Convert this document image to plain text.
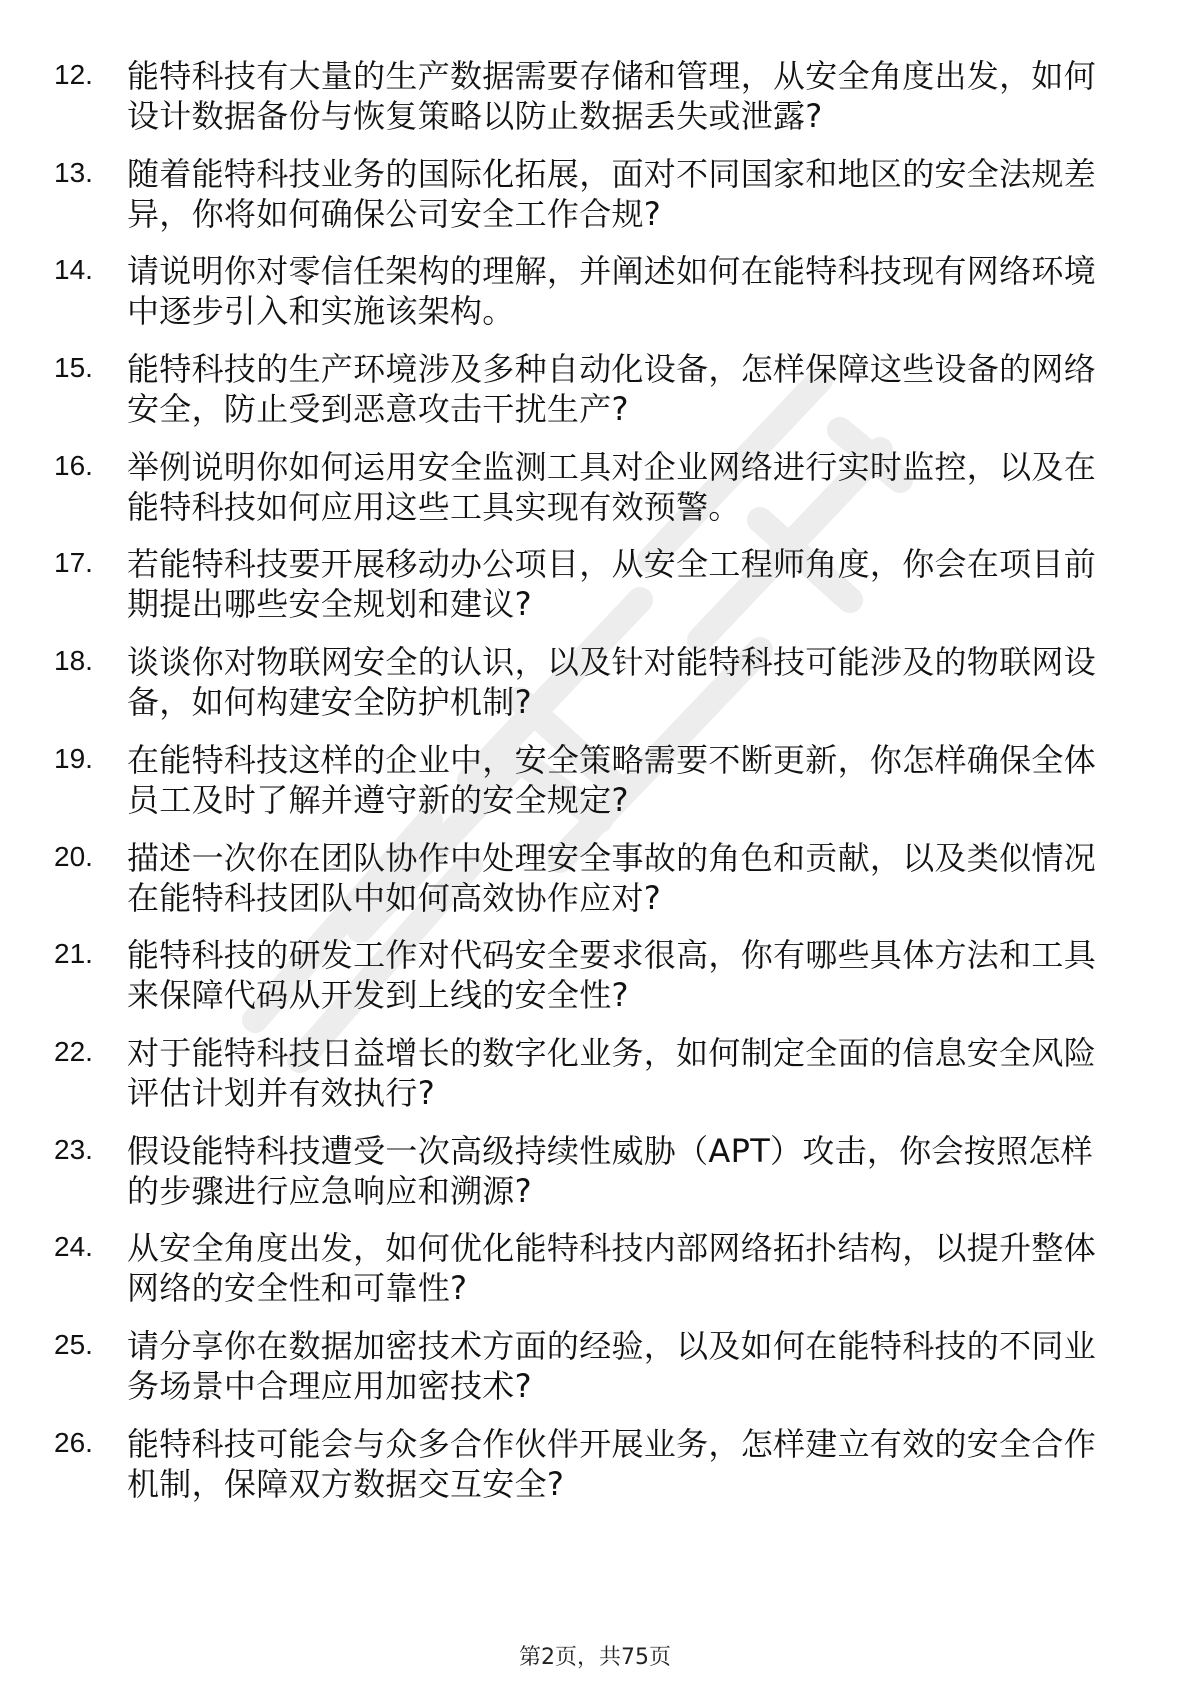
12.	能特科技有大量的生产数据需要存储和管理，从安全角度出发，如何设计数据备份与恢复策略以防止数据丢失或泄露?
13.	随着能特科技业务的国际化拓展，面对不同国家和地区的安全法规差异，你将如何确保公司安全工作合规?
14.	请说明你对零信任架构的理解，并阐述如何在能特科技现有网络环境中逐步引入和实施该架构。
15.	能特科技的生产环境涉及多种自动化设备，怎样保障这些设备的网络安全，防止受到恶意攻击干扰生产?
16.	举例说明你如何运用安全监测工具对企业网络进行实时监控，以及在能特科技如何应用这些工具实现有效预警。
17.	若能特科技要开展移动办公项目，从安全工程师角度，你会在项目前期提出哪些安全规划和建议?
18.	谈谈你对物联网安全的认识，以及针对能特科技可能涉及的物联网设备，如何构建安全防护机制?
19.	在能特科技这样的企业中，安全策略需要不断更新，你怎样确保全体员工及时了解并遵守新的安全规定?
20.	描述一次你在团队协作中处理安全事故的角色和贡献，以及类似情况在能特科技团队中如何高效协作应对?
21.	能特科技的研发工作对代码安全要求很高，你有哪些具体方法和工具来保障代码从开发到上线的安全性?
22.	对于能特科技日益增长的数字化业务，如何制定全面的信息安全风险评估计划并有效执行?
23.	假设能特科技遭受一次高级持续性威胁（APT）攻击，你会按照怎样的步骤进行应急响应和溯源?
24.	从安全角度出发，如何优化能特科技内部网络拓扑结构，以提升整体网络的安全性和可靠性?
25.	请分享你在数据加密技术方面的经验，以及如何在能特科技的不同业务场景中合理应用加密技术?
26.	能特科技可能会与众多合作伙伴开展业务，怎样建立有效的安全合作机制，保障双方数据交互安全?
第2页，共75页
